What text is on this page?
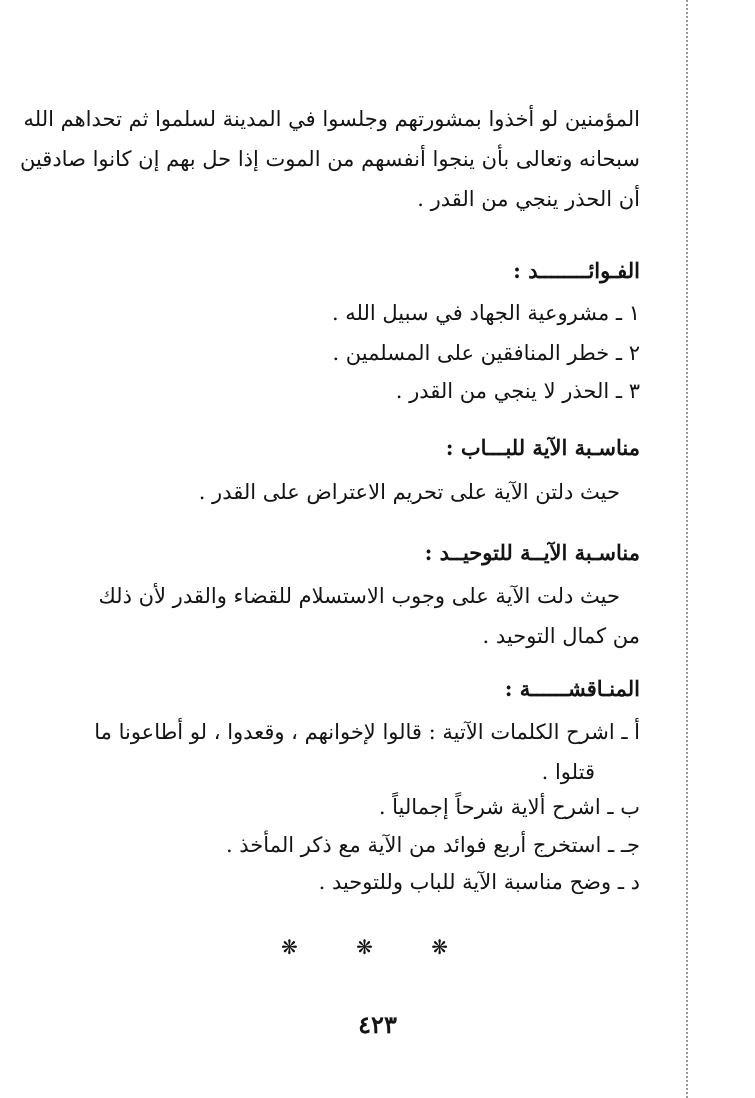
المؤمنين لو أخذوا بمشورتهم وجلسوا في المدينة لسلموا ثم تحداهم الله
سبحانه وتعالى بأن ينجوا أنفسهم من الموت إذا حل بهم إن كانوا صادقين
أن الحذر ينجي من القدر .
الفـوائــــــــد :
١ ـ مشروعية الجهاد في سبيل الله .
٢ ـ خطر المنافقين على المسلمين .
٣ ـ الحذر لا ينجي من القدر .
مناسـبة الآية للبـــاب :
حيث دلتن الآية على تحريم الاعتراض على القدر .
مناسـبة الآيــة للتوحيــد :
حيث دلت الآية على وجوب الاستسلام للقضاء والقدر لأن ذلك
من كمال التوحيد .
المنـاقشــــــة :
أ ـ اشرح الكلمات الآتية : قالوا لإخوانهم ، وقعدوا ، لو أطاعونا ما
قتلوا .
ب ـ اشرح ألاية شرحاً إجمالياً .
جـ ـ استخرج أربع فوائد من الآية مع ذكر المأخذ .
د ـ وضح مناسبة الآية للباب وللتوحيد .
❋ ❋ ❋
٤٢٣
